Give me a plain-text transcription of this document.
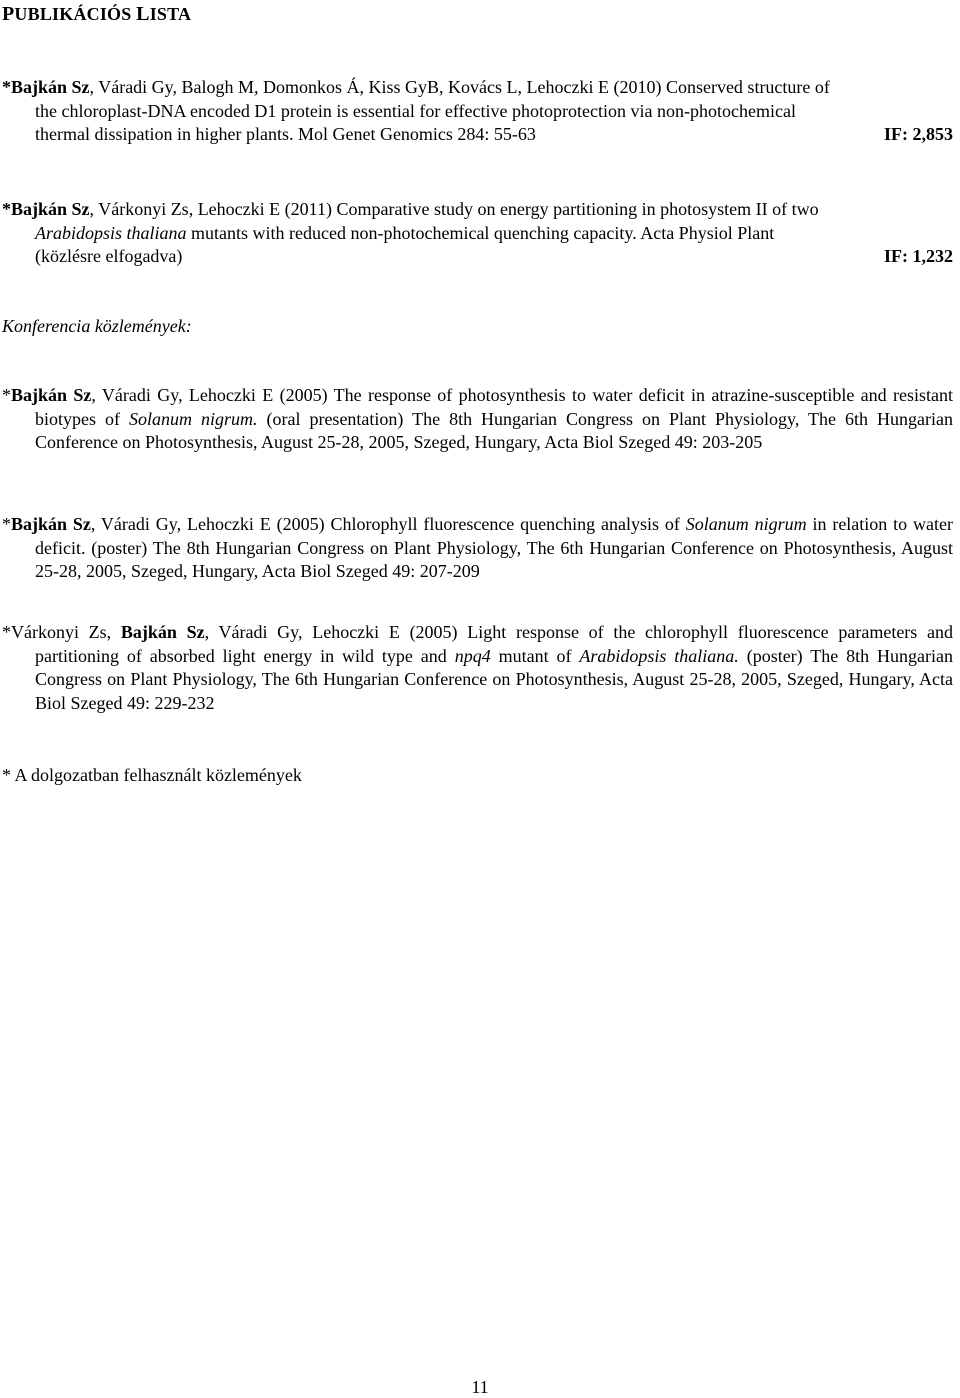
PUBLIKÁCIÓS LISTA
*Bajkán Sz, Váradi Gy, Balogh M, Domonkos Á, Kiss GyB, Kovács L, Lehoczki E (2010) Conserved structure of
the chloroplast-DNA encoded D1 protein is essential for effective photoprotection via non-photochemical
thermal dissipation in higher plants. Mol Genet Genomics 284: 55-63	IF: 2,853
*Bajkán Sz, Várkonyi Zs, Lehoczki E (2011) Comparative study on energy partitioning in photosystem II of two
Arabidopsis thaliana mutants with reduced non-photochemical quenching capacity. Acta Physiol Plant
(közlésre elfogadva)	IF: 1,232
Konferencia közlemények:

*Bajkán Sz, Váradi Gy, Lehoczki E (2005) The response of photosynthesis to water deficit in atrazine-susceptible and resistant biotypes of Solanum nigrum. (oral presentation) The 8th Hungarian Congress on Plant Physiology, The 6th Hungarian Conference on Photosynthesis, August 25-28, 2005, Szeged, Hungary, Acta Biol Szeged 49: 203-205

*Bajkán Sz, Váradi Gy, Lehoczki E (2005) Chlorophyll fluorescence quenching analysis of Solanum nigrum in relation to water deficit. (poster) The 8th Hungarian Congress on Plant Physiology, The 6th Hungarian Conference on Photosynthesis, August 25-28, 2005, Szeged, Hungary, Acta Biol Szeged 49: 207-209

*Várkonyi Zs, Bajkán Sz, Váradi Gy, Lehoczki E (2005) Light response of the chlorophyll fluorescence parameters and partitioning of absorbed light energy in wild type and npq4 mutant of Arabidopsis thaliana. (poster) The 8th Hungarian Congress on Plant Physiology, The 6th Hungarian Conference on Photosynthesis, August 25-28, 2005, Szeged, Hungary, Acta Biol Szeged 49: 229-232

* A dolgozatban felhasznált közlemények

11
